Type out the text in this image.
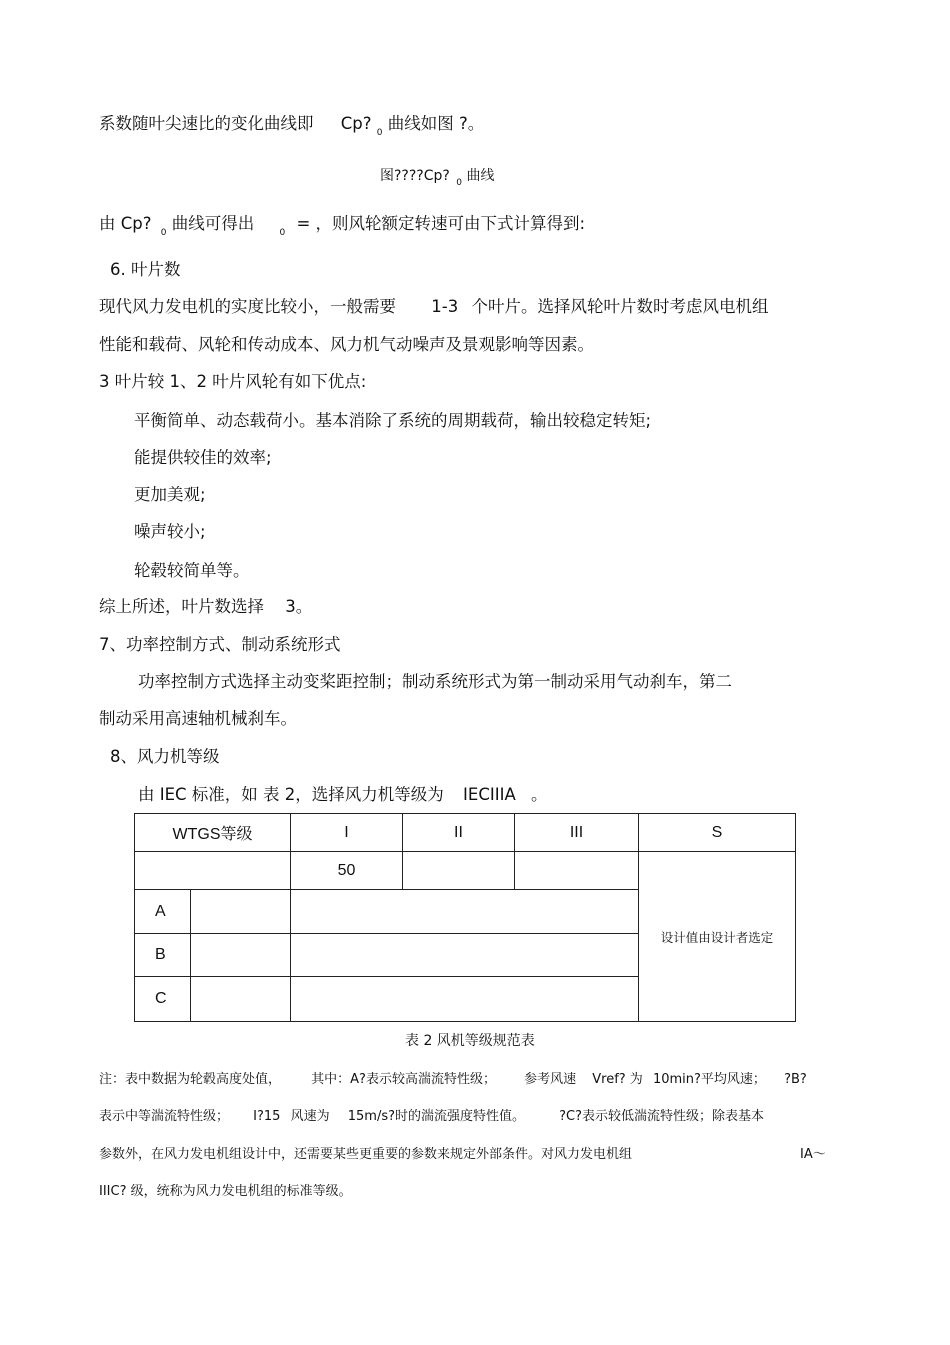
系数随叶尖速比的变化曲线即 Cp? $_0$ 曲线如图 ?。
图????Cp? $_0$ 曲线
由 Cp? $_0$ 曲线可得出	$_0$ = ，则风轮额定转速可由下式计算得到:
6. 叶片数
现代风力发电机的实度比较小，一般需要 1-3 个叶片。选择风轮叶片数时考虑风电机组
性能和载荷、风轮和传动成本、风力机气动噪声及景观影响等因素。
3 叶片较 1、2 叶片风轮有如下优点:
平衡简单、动态载荷小。基本消除了系统的周期载荷，输出较稳定转矩;
能提供较佳的效率;
更加美观;
噪声较小;
轮毂较简单等。
综上所述，叶片数选择 3。
7、功率控制方式、制动系统形式
功率控制方式选择主动变桨距控制；制动系统形式为第一制动采用气动刹车，第二
制动采用高速轴机械刹车。
8、风力机等级
由 IEC 标准，如 表 2，选择风力机等级为 IECIIIA 。
WTGS等级		I	II	III	S
		50			设计值由设计者选定
A					
B					
C					
表 2 风机等级规范表
注：表中数据为轮毂高度处值， 其中：A?表示较高湍流特性级； 参考风速 Vref? 为 10min?平均风速； ?B?
表示中等湍流特性级； I?15 风速为 15m/s?时的湍流强度特性值。	?C?表示较低湍流特性级；除表基本
参数外，在风力发电机组设计中，还需要某些更重要的参数来规定外部条件。对风力发电机组	IA～
IIIC? 级，统称为风力发电机组的标准等级。
